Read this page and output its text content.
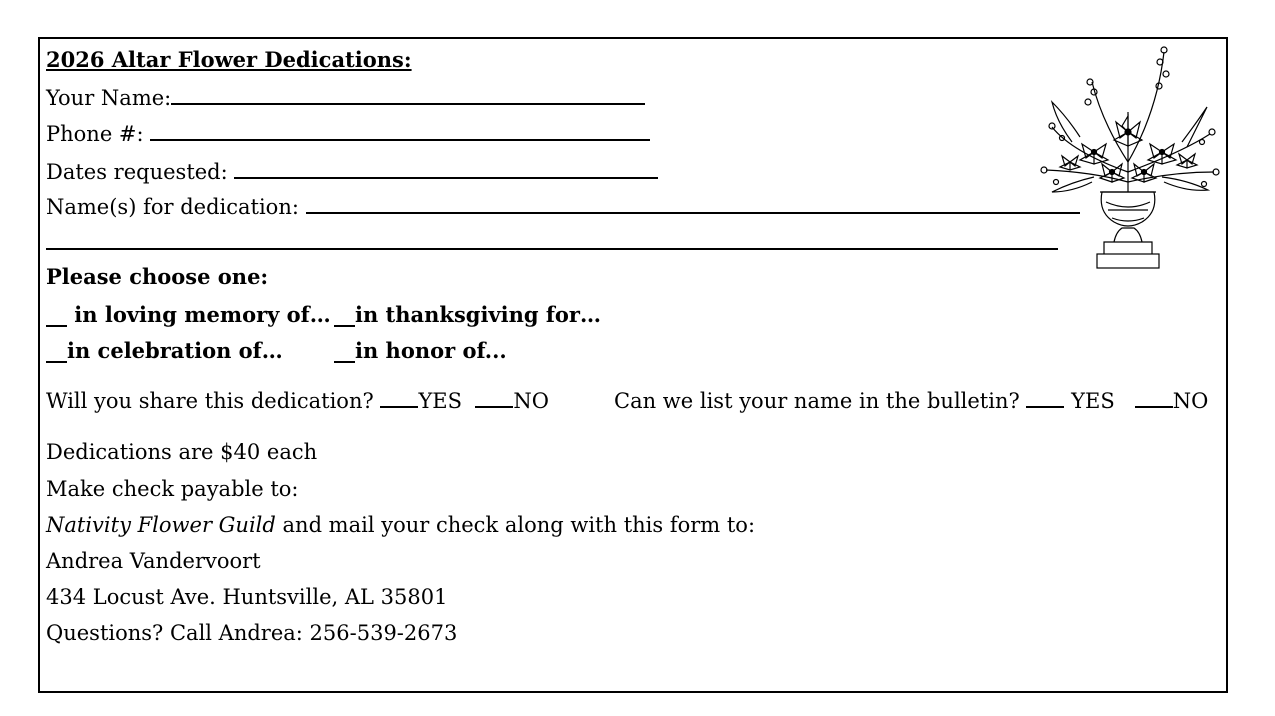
2026 Altar Flower Dedications:
Your Name:
Phone #:
Dates requested:
Name(s) for dedication:
Please choose one:
__ in loving memory of… __in thanksgiving for…
__in celebration of… __in honor of...
Will you share this dedication? YES NO	Can we list your name in the bulletin? YES	NO
Dedications are $40 each
Make check payable to:
Nativity Flower Guild and mail your check along with this form to:
Andrea Vandervoort
434 Locust Ave. Huntsville, AL 35801
Questions? Call Andrea: 256-539-2673
